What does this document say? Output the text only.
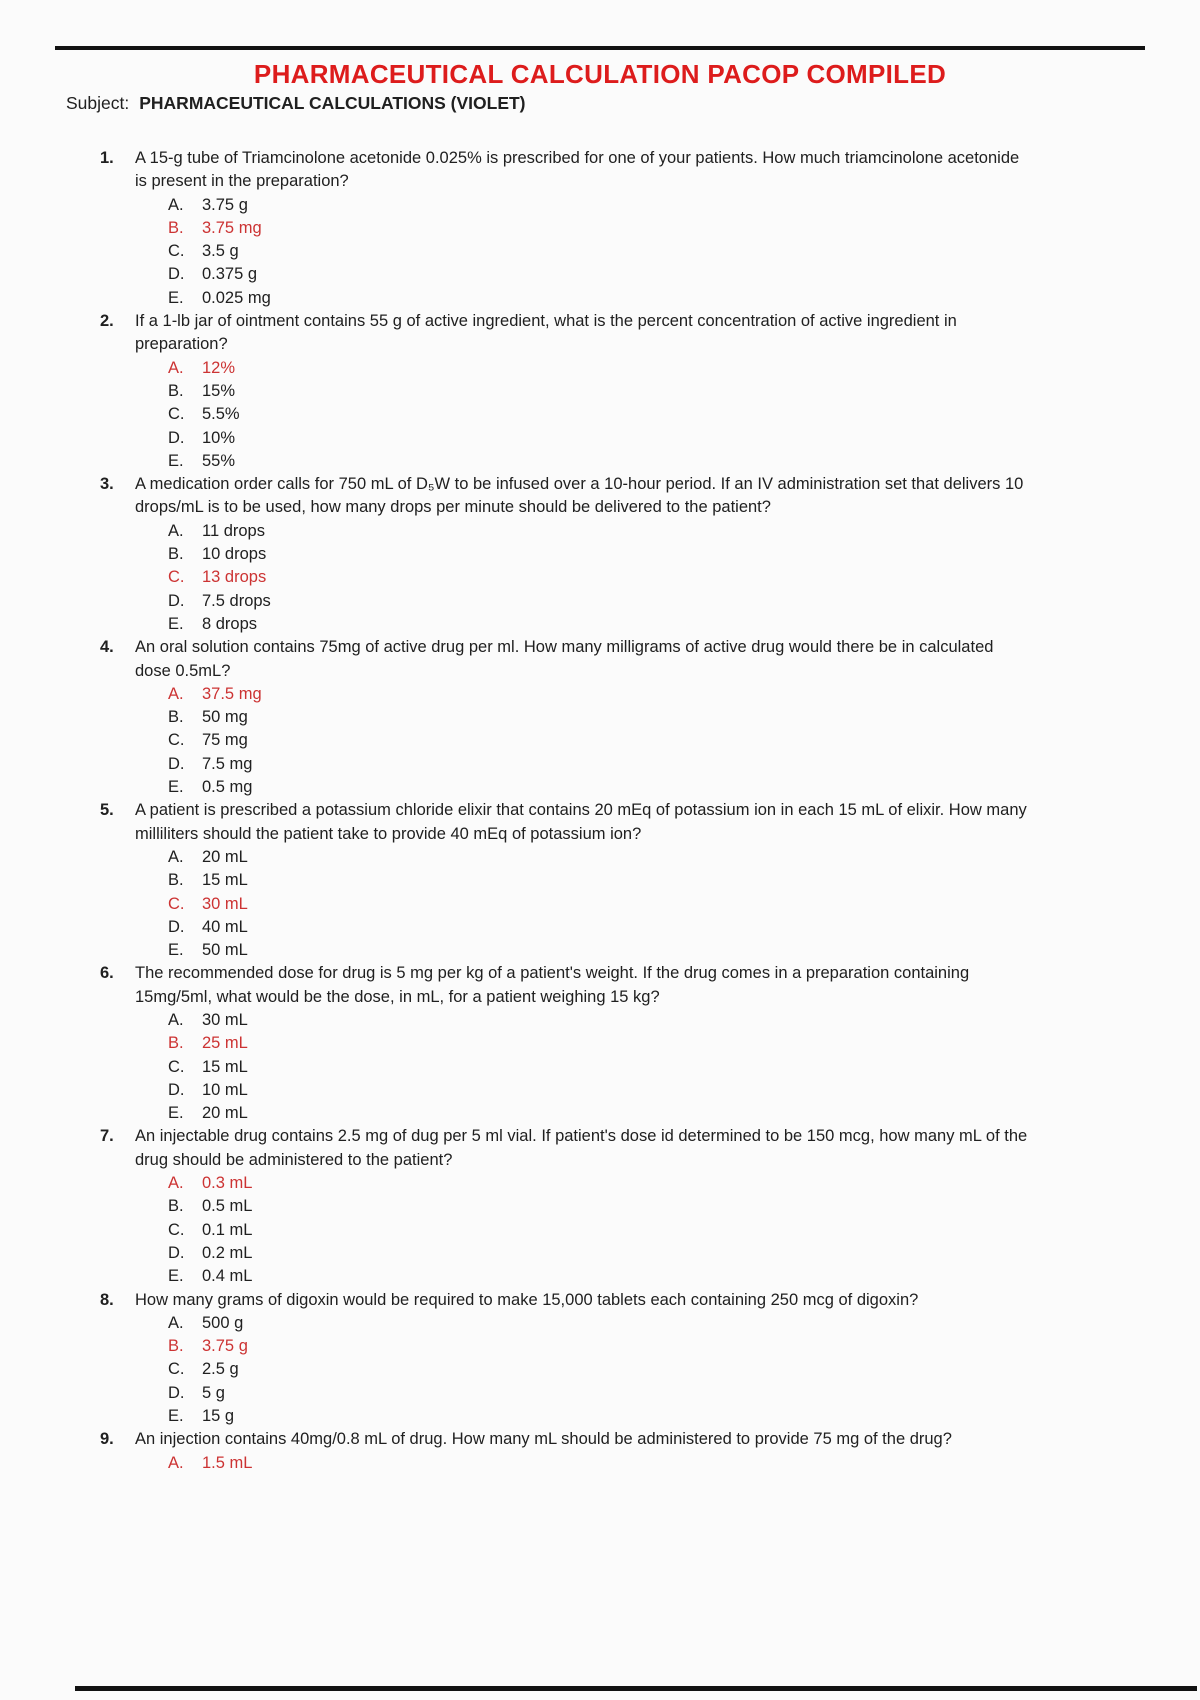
PHARMACEUTICAL CALCULATION PACOP COMPILED
Subject: PHARMACEUTICAL CALCULATIONS (VIOLET)
1.	A 15-g tube of Triamcinolone acetonide 0.025% is prescribed for one of your patients. How much triamcinolone acetonide is present in the preparation?
A.	3.75 g
B.	3.75 mg
C.	3.5 g
D.	0.375 g
E.	0.025 mg
2.	If a 1-lb jar of ointment contains 55 g of active ingredient, what is the percent concentration of active ingredient in preparation?
A.	12%
B.	15%
C.	5.5%
D.	10%
E.	55%
3.	A medication order calls for 750 mL of D₅W to be infused over a 10-hour period. If an IV administration set that delivers 10 drops/mL is to be used, how many drops per minute should be delivered to the patient?
A.	11 drops
B.	10 drops
C.	13 drops
D.	7.5 drops
E.	8 drops
4.	An oral solution contains 75mg of active drug per ml. How many milligrams of active drug would there be in calculated dose 0.5mL?
A.	37.5 mg
B.	50 mg
C.	75 mg
D.	7.5 mg
E.	0.5 mg
5.	A patient is prescribed a potassium chloride elixir that contains 20 mEq of potassium ion in each 15 mL of elixir. How many milliliters should the patient take to provide 40 mEq of potassium ion?
A.	20 mL
B.	15 mL
C.	30 mL
D.	40 mL
E.	50 mL
6.	The recommended dose for drug is 5 mg per kg of a patient's weight. If the drug comes in a preparation containing 15mg/5ml, what would be the dose, in mL, for a patient weighing 15 kg?
A.	30 mL
B.	25 mL
C.	15 mL
D.	10 mL
E.	20 mL
7.	An injectable drug contains 2.5 mg of dug per 5 ml vial. If patient's dose id determined to be 150 mcg, how many mL of the drug should be administered to the patient?
A.	0.3 mL
B.	0.5 mL
C.	0.1 mL
D.	0.2 mL
E.	0.4 mL
8.	How many grams of digoxin would be required to make 15,000 tablets each containing 250 mcg of digoxin?
A.	500 g
B.	3.75 g
C.	2.5 g
D.	5 g
E.	15 g
9.	An injection contains 40mg/0.8 mL of drug. How many mL should be administered to provide 75 mg of the drug?
A.	1.5 mL
